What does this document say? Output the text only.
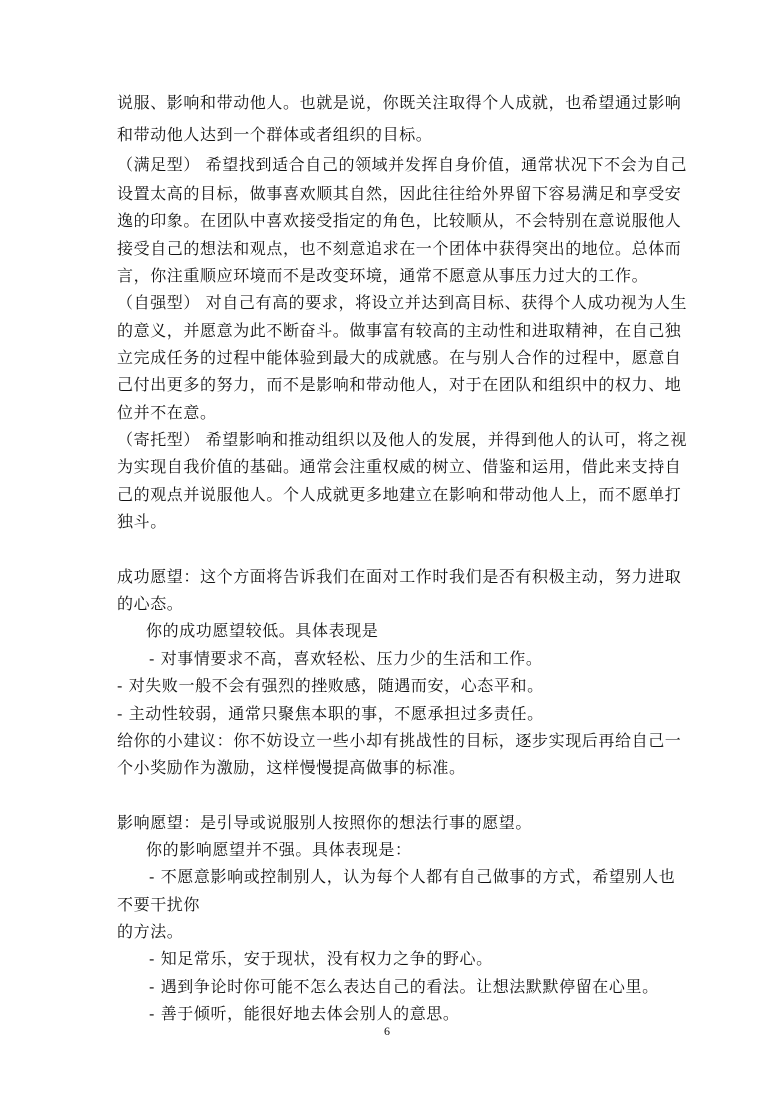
说服、影响和带动他人。也就是说，你既关注取得个人成就，也希望通过影响
和带动他人达到一个群体或者组织的目标。
（满足型） 希望找到适合自己的领域并发挥自身价值，通常状况下不会为自己
设置太高的目标，做事喜欢顺其自然，因此往往给外界留下容易满足和享受安
逸的印象。在团队中喜欢接受指定的角色，比较顺从，不会特别在意说服他人
接受自己的想法和观点，也不刻意追求在一个团体中获得突出的地位。总体而
言，你注重顺应环境而不是改变环境，通常不愿意从事压力过大的工作。
（自强型） 对自己有高的要求，将设立并达到高目标、获得个人成功视为人生
的意义，并愿意为此不断奋斗。做事富有较高的主动性和进取精神，在自己独
立完成任务的过程中能体验到最大的成就感。在与别人合作的过程中，愿意自
己付出更多的努力，而不是影响和带动他人，对于在团队和组织中的权力、地
位并不在意。
（寄托型） 希望影响和推动组织以及他人的发展，并得到他人的认可，将之视
为实现自我价值的基础。通常会注重权威的树立、借鉴和运用，借此来支持自
己的观点并说服他人。个人成就更多地建立在影响和带动他人上，而不愿单打
独斗。
成功愿望：这个方面将告诉我们在面对工作时我们是否有积极主动，努力进取
的心态。
你的成功愿望较低。具体表现是
- 对事情要求不高，喜欢轻松、压力少的生活和工作。
- 对失败一般不会有强烈的挫败感，随遇而安，心态平和。
- 主动性较弱，通常只聚焦本职的事，不愿承担过多责任。
给你的小建议：你不妨设立一些小却有挑战性的目标，逐步实现后再给自己一
个小奖励作为激励，这样慢慢提高做事的标准。
影响愿望：是引导或说服别人按照你的想法行事的愿望。
你的影响愿望并不强。具体表现是：
- 不愿意影响或控制别人，认为每个人都有自己做事的方式，希望别人也
不要干扰你
的方法。
- 知足常乐，安于现状，没有权力之争的野心。
- 遇到争论时你可能不怎么表达自己的看法。让想法默默停留在心里。
- 善于倾听，能很好地去体会别人的意思。
6
